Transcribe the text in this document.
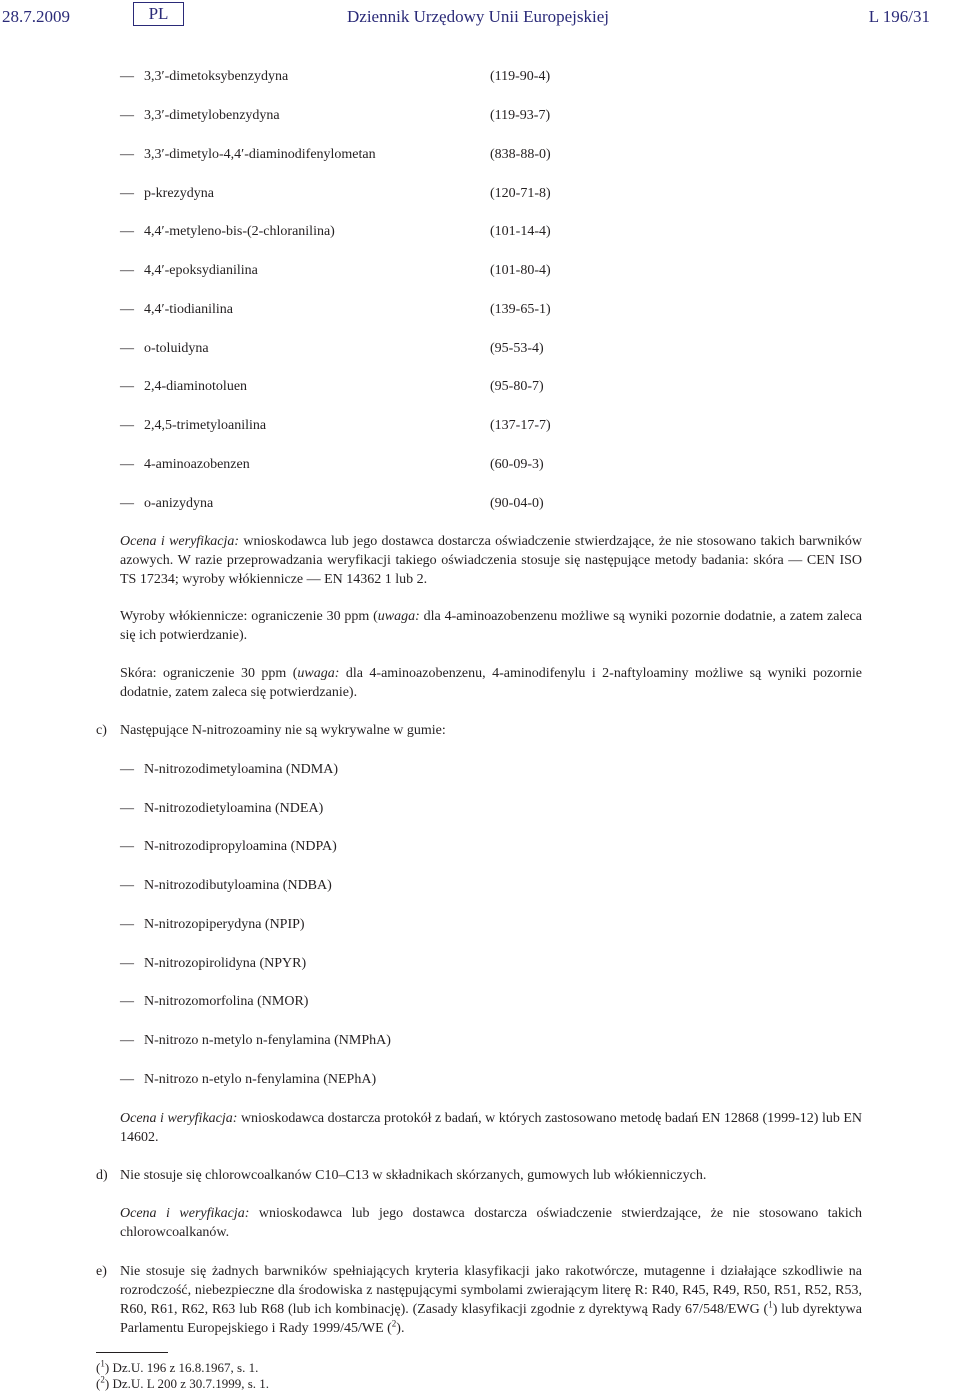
28.7.2009	PL	Dziennik Urzędowy Unii Europejskiej	L 196/31
— 3,3′-dimetoksybenzydyna	(119-90-4)
— 3,3′-dimetylobenzydyna	(119-93-7)
— 3,3′-dimetylo-4,4′-diaminodifenylometan	(838-88-0)
— p-krezydyna	(120-71-8)
— 4,4′-metyleno-bis-(2-chloranilina)	(101-14-4)
— 4,4′-epoksydianilina	(101-80-4)
— 4,4′-tiodianilina	(139-65-1)
— o-toluidyna	(95-53-4)
— 2,4-diaminotoluen	(95-80-7)
— 2,4,5-trimetyloanilina	(137-17-7)
— 4-aminoazobenzen	(60-09-3)
— o-anizydyna	(90-04-0)

Ocena i weryfikacja: wnioskodawca lub jego dostawca dostarcza oświadczenie stwierdzające, że nie stosowano takich barwników azowych. W razie przeprowadzania weryfikacji takiego oświadczenia stosuje się następujące metody badania: skóra — CEN ISO TS 17234; wyroby włókiennicze — EN 14362 1 lub 2.

Wyroby włókiennicze: ograniczenie 30 ppm (uwaga: dla 4-aminoazobenzenu możliwe są wyniki pozornie dodatnie, a zatem zaleca się ich potwierdzanie).

Skóra: ograniczenie 30 ppm (uwaga: dla 4-aminoazobenzenu, 4-aminodifenylu i 2-naftyloaminy możliwe są wyniki pozornie dodatnie, zatem zaleca się potwierdzanie).

c) Następujące N-nitrozoaminy nie są wykrywalne w gumie:

— N-nitrozodimetyloamina (NDMA)
— N-nitrozodietyloamina (NDEA)
— N-nitrozodipropyloamina (NDPA)
— N-nitrozodibutyloamina (NDBA)
— N-nitrozopiperydyna (NPIP)
— N-nitrozopirolidyna (NPYR)
— N-nitrozomorfolina (NMOR)
— N-nitrozo n-metylo n-fenylamina (NMPhA)
— N-nitrozo n-etylo n-fenylamina (NEPhA)

Ocena i weryfikacja: wnioskodawca dostarcza protokół z badań, w których zastosowano metodę badań EN 12868 (1999-12) lub EN 14602.

d) Nie stosuje się chlorowcoalkanów C10–C13 w składnikach skórzanych, gumowych lub włókienniczych.

Ocena i weryfikacja: wnioskodawca lub jego dostawca dostarcza oświadczenie stwierdzające, że nie stosowano takich chlorowcoalkanów.

e) Nie stosuje się żadnych barwników spełniających kryteria klasyfikacji jako rakotwórcze, mutagenne i działające szkodliwie na rozrodczość, niebezpieczne dla środowiska z następującymi symbolami zwierającym literę R: R40, R45, R49, R50, R51, R52, R53, R60, R61, R62, R63 lub R68 (lub ich kombinację). (Zasady klasyfikacji zgodnie z dyrektywą Rady 67/548/EWG ($^1$) lub dyrektywa Parlamentu Europejskiego i Rady 1999/45/WE ($^2$).

($^1$) Dz.U. 196 z 16.8.1967, s. 1.
($^2$) Dz.U. L 200 z 30.7.1999, s. 1.
